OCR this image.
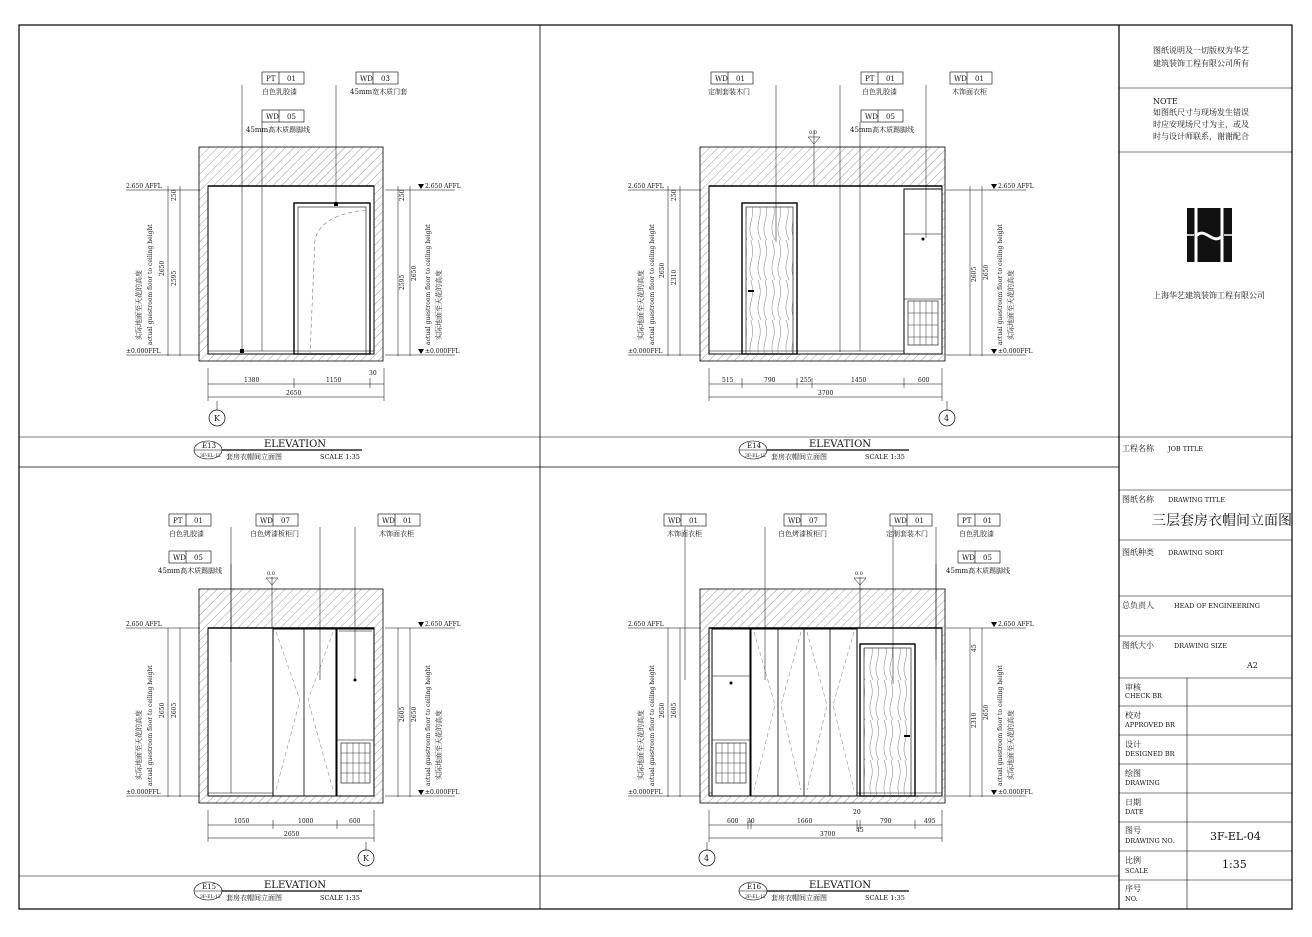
PT 01
白色乳胶漆
WD 03
45mm宽木质门套
WD 05
45mm高木质踢脚线
2.650 AFFL
±0.000FFL
250
2650
2595
实际地面至天花的高度 actual guestroom floor to ceiling height
2.650 AFFL
±0.000FFL
250
2650
2595	actual guestroom floor to ceiling height 实际地面至天花的高度
1380	1150
30
2650
K
E13
3F-EL-12
ELEVATION
套房衣帽间立面图	SCALE 1:35
0.0
WD 01
定制套装木门
PT 01
白色乳胶漆
WD 01
木饰面衣柜
WD 05
45mm高木质踢脚线
2.650 AFFL
±0.000FFL
250
2650 2310
实际地面至天花的高度 actual guestroom floor to ceiling height
2.650 AFFL
±0.000FFL
2605 2650 actual guestroom floor to ceiling height 实际地面至天花的高度
515	790	255	1450	600
3700
4
E14
3F-EL-12
ELEVATION
套房衣帽间立面图	SCALE 1:35
0.0
PT 01
白色乳胶漆
WD 07
白色烤漆板柜门
WD 01
木饰面衣柜
WD 05
45mm高木质踢脚线
2.650 AFFL
±0.000FFL
2650 2605
实际地面至天花的高度 actual guestroom floor to ceiling height
2.650 AFFL
±0.000FFL
2605 2650 actual guestroom floor to ceiling height 实际地面至天花的高度
1050	1000	600
2650
K
E15
3F-EL-12
ELEVATION
套房衣帽间立面图	SCALE 1:35
0.0
WD 01
木饰面衣柜
WD 07
白色烤漆板柜门
WD 01
定制套装木门
PT 01
白色乳胶漆
WD 05
45mm高木质踢脚线
2.650 AFFL
±0.000FFL
2650 2605
实际地面至天花的高度 actual guestroom floor to ceiling height
2.650 AFFL
±0.000FFL
45
2310
2650 actual guestroom floor to ceiling height 实际地面至天花的高度
600 30	1660
20
790	495
45
3700
4
E16
3F-EL-12
ELEVATION
套房衣帽间立面图	SCALE 1:35
图纸说明及一切版权为华艺
建筑装饰工程有限公司所有
NOTE
如图纸尺寸与现场发生错误
时应安现场尺寸为主，或及
时与设计师联系，谢谢配合
上海华艺建筑装饰工程有限公司
工程名称 JOB TITLE
图纸名称 DRAWING TITLE
三层套房衣帽间立面图
图纸种类 DRAWING SORT
总负责人	HEAD OF ENGINEERING
图纸大小	DRAWING SIZE
A2
审核
CHECK BR
校对
APPROVED BR
设计
DESIGNED BR
绘图
DRAWING
日期
DATE
图号
DRAWING NO.	3F-EL-04
比例
SCALE	1:35
序号
NO.
